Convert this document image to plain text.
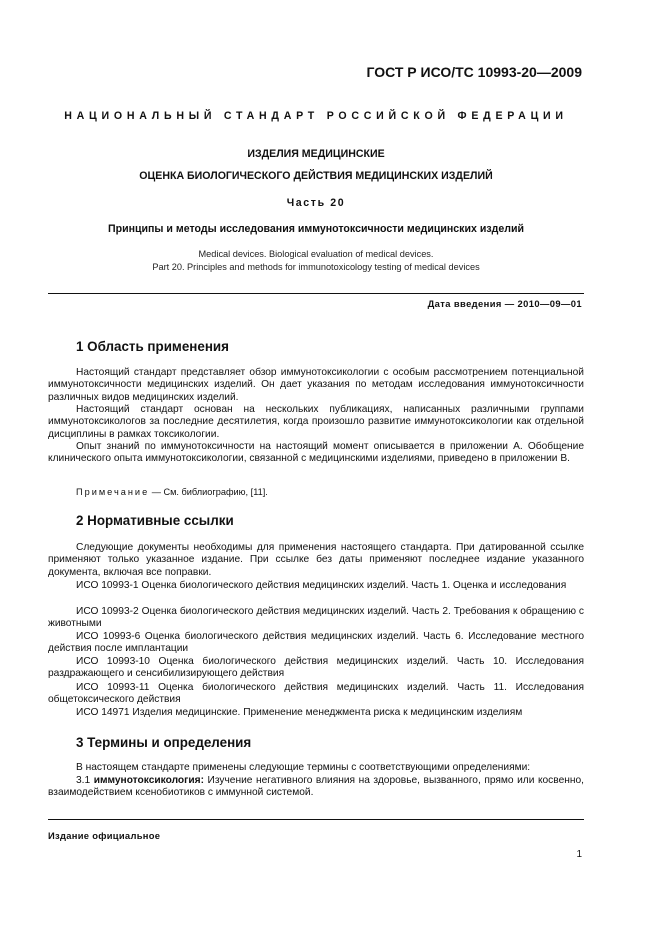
ГОСТ Р ИСО/ТС 10993-20—2009
НАЦИОНАЛЬНЫЙ СТАНДАРТ РОССИЙСКОЙ ФЕДЕРАЦИИ
ИЗДЕЛИЯ МЕДИЦИНСКИЕ
ОЦЕНКА БИОЛОГИЧЕСКОГО ДЕЙСТВИЯ МЕДИЦИНСКИХ ИЗДЕЛИЙ
Часть 20
Принципы и методы исследования иммунотоксичности медицинских изделий
Medical devices. Biological evaluation of medical devices.
Part 20. Principles and methods for immunotoxicology testing of medical devices
Дата введения — 2010—09—01
1 Область применения
Настоящий стандарт представляет обзор иммунотоксикологии с особым рассмотрением потенциальной иммунотоксичности медицинских изделий. Он дает указания по методам исследования иммунотоксичности различных видов медицинских изделий.
Настоящий стандарт основан на нескольких публикациях, написанных различными группами иммунотоксикологов за последние десятилетия, когда произошло развитие иммунотоксикологии как отдельной дисциплины в рамках токсикологии.
Опыт знаний по иммунотоксичности на настоящий момент описывается в приложении А. Обобщение клинического опыта иммунотоксикологии, связанной с медицинскими изделиями, приведено в приложении В.
Примечание — См. библиографию, [11].
2 Нормативные ссылки
Следующие документы необходимы для применения настоящего стандарта. При датированной ссылке применяют только указанное издание. При ссылке без даты применяют последнее издание указанного документа, включая все поправки.
ИСО 10993-1 Оценка биологического действия медицинских изделий. Часть 1. Оценка и исследования
ИСО 10993-2 Оценка биологического действия медицинских изделий. Часть 2. Требования к обращению с животными
ИСО 10993-6 Оценка биологического действия медицинских изделий. Часть 6. Исследование местного действия после имплантации
ИСО 10993-10 Оценка биологического действия медицинских изделий. Часть 10. Исследования раздражающего и сенсибилизирующего действия
ИСО 10993-11 Оценка биологического действия медицинских изделий. Часть 11. Исследования общетоксического действия
ИСО 14971 Изделия медицинские. Применение менеджмента риска к медицинским изделиям
3 Термины и определения
В настоящем стандарте применены следующие термины с соответствующими определениями:
3.1 иммунотоксикология: Изучение негативного влияния на здоровье, вызванного, прямо или косвенно, взаимодействием ксенобиотиков с иммунной системой.
Издание официальное
1
